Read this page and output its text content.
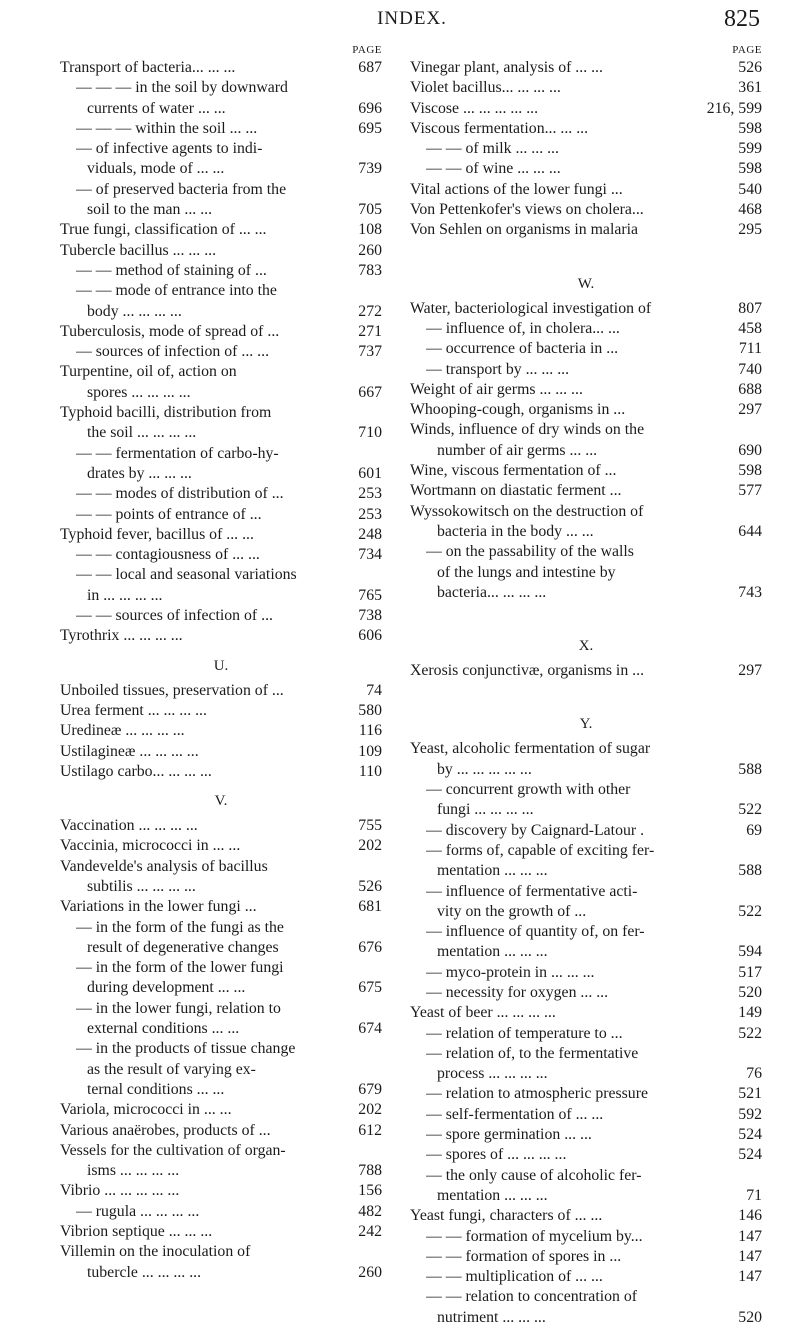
INDEX.	825
PAGE
Transport of bacteria... ... ...	687
— — — in the soil by downward
currents of water ... ...	696
— — — within the soil ... ...	695
— of infective agents to indi-
viduals, mode of ... ...	739
— of preserved bacteria from the
soil to the man ... ...	705
True fungi, classification of ... ...	108
Tubercle bacillus ... ... ...	260
— — method of staining of ...	783
— — mode of entrance into the
body ... ... ... ...	272
Tuberculosis, mode of spread of ...	271
— sources of infection of ... ...	737
Turpentine, oil of, action on
spores ... ... ... ...	667
Typhoid bacilli, distribution from
the soil ... ... ... ...	710
— — fermentation of carbo-hy-
drates by ... ... ...	601
— — modes of distribution of ...	253
— — points of entrance of ...	253
Typhoid fever, bacillus of ... ...	248
— — contagiousness of ... ...	734
— — local and seasonal variations
in ... ... ... ...	765
— — sources of infection of ...	738
Tyrothrix ... ... ... ...	606
U.
Unboiled tissues, preservation of ...	74
Urea ferment ... ... ... ...	580
Uredineæ ... ... ... ...	116
Ustilagineæ ... ... ... ...	109
Ustilago carbo... ... ... ...	110
V.
Vaccination ... ... ... ...	755
Vaccinia, micrococci in ... ...	202
Vandevelde's analysis of bacillus
subtilis ... ... ... ...	526
Variations in the lower fungi ...	681
— in the form of the fungi as the
result of degenerative changes	676
— in the form of the lower fungi
during development ... ...	675
— in the lower fungi, relation to
external conditions ... ...	674
— in the products of tissue change
as the result of varying ex-
ternal conditions ... ...	679
Variola, micrococci in ... ...	202
Various anaërobes, products of ...	612
Vessels for the cultivation of organ-
isms ... ... ... ...	788
Vibrio ... ... ... ... ...	156
— rugula ... ... ... ...	482
Vibrion septique ... ... ...	242
Villemin on the inoculation of
tubercle ... ... ... ...	260
PAGE
Vinegar plant, analysis of ... ...	526
Violet bacillus... ... ... ...	361
Viscose ... ... ... ... ...	216, 599
Viscous fermentation... ... ...	598
— — of milk ... ... ...	599
— — of wine ... ... ...	598
Vital actions of the lower fungi ...	540
Von Pettenkofer's views on cholera...	468
Von Sehlen on organisms in malaria	295
W.
Water, bacteriological investigation of	807
— influence of, in cholera... ...	458
— occurrence of bacteria in ...	711
— transport by ... ... ...	740
Weight of air germs ... ... ...	688
Whooping-cough, organisms in ...	297
Winds, influence of dry winds on the
number of air germs ... ...	690
Wine, viscous fermentation of ...	598
Wortmann on diastatic ferment ...	577
Wyssokowitsch on the destruction of
bacteria in the body ... ...	644
— on the passability of the walls
of the lungs and intestine by
bacteria... ... ... ...	743
X.
Xerosis conjunctivæ, organisms in ...	297
Y.
Yeast, alcoholic fermentation of sugar
by ... ... ... ... ...	588
— concurrent growth with other
fungi ... ... ... ...	522
— discovery by Caignard-Latour .	69
— forms of, capable of exciting fer-
mentation ... ... ...	588
— influence of fermentative acti-
vity on the growth of ...	522
— influence of quantity of, on fer-
mentation ... ... ...	594
— myco-protein in ... ... ...	517
— necessity for oxygen ... ...	520
Yeast of beer ... ... ... ...	149
— relation of temperature to ...	522
— relation of, to the fermentative
process ... ... ... ...	76
— relation to atmospheric pressure	521
— self-fermentation of ... ...	592
— spore germination ... ...	524
— spores of ... ... ... ...	524
— the only cause of alcoholic fer-
mentation ... ... ...	71
Yeast fungi, characters of ... ...	146
— — formation of mycelium by...	147
— — formation of spores in ...	147
— — multiplication of ... ...	147
— — relation to concentration of
nutriment ... ... ...	520
